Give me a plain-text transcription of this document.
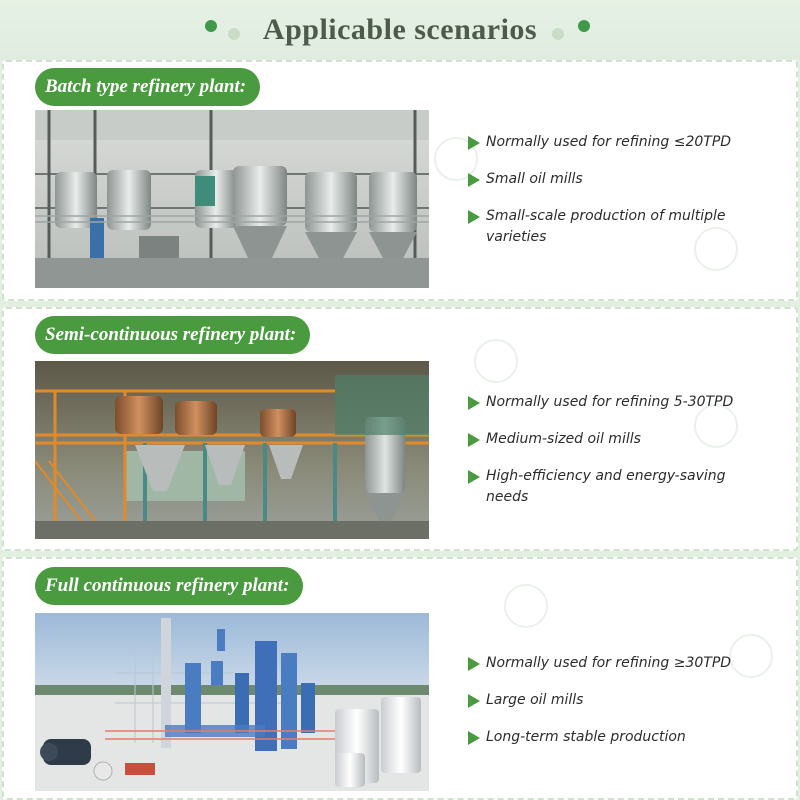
Applicable scenarios
Batch type refinery plant:
Normally used for refining ≤20TPD
Small oil mills
Small-scale production of multiple varieties
Semi-continuous refinery plant:
Normally used for refining 5-30TPD
Medium-sized oil mills
High-efficiency and energy-saving needs
Full continuous refinery plant:
Normally used for refining ≥30TPD
Large oil mills
Long-term stable production
